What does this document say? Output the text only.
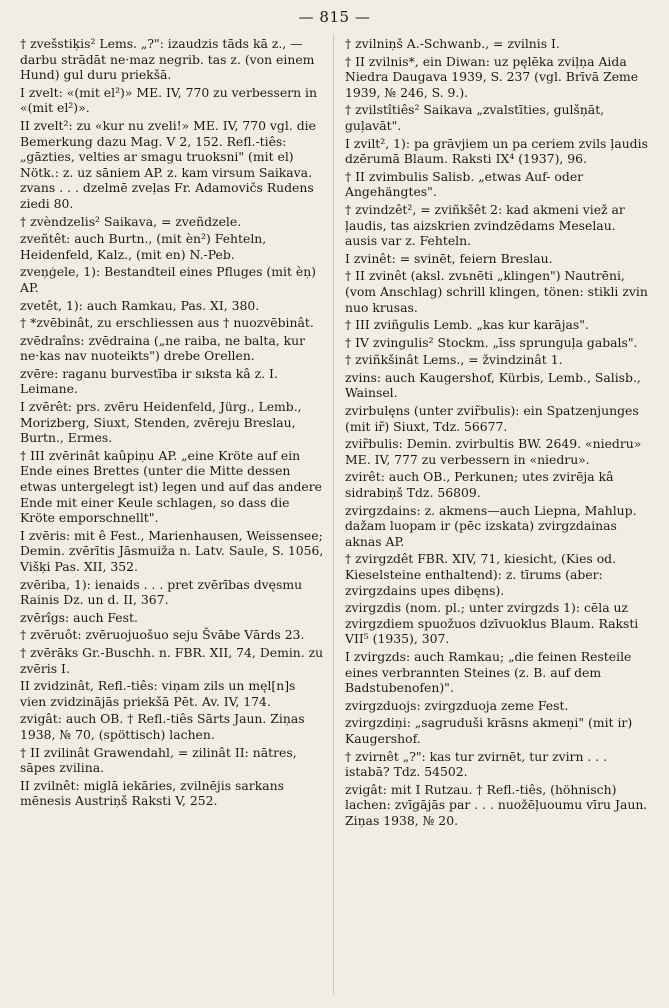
— 815 —

† zvešstiķis² Lems. „?": izaudzis tāds kā z., — darbu strādāt ne·maz negrib. tas z. (von einem Hund) gul duru priekšā.

I zvelt: «(mit el²)» ME. IV, 770 zu verbessern in «(mit el²)».

II zvelt²: zu «kur nu zveli!» ME. IV, 770 vgl. die Bemerkung dazu Mag. V 2, 152. Refl.-tiês: „gāzties, velties ar smagu truoksni" (mit el) Nötk.: z. uz sāniem AP. z. kam virsum Saikava. zvans . . . dzelmē zveļas Fr. Adamovičs Rudens ziedi 80.

† zvèndzelis² Saikava, = zveñdzele.

zveñtêt: auch Burtn., (mit èn²) Fehteln, Heidenfeld, Kalz., (mit en) N.-Peb.

zveņģele, 1): Bestandteil eines Pfluges (mit èņ) AP.

zvetêt, 1): auch Ramkau, Pas. XI, 380.

† *zvēbinât, zu erschliessen aus † nuozvēbinât.

zvēdraîns: zvēdraina („ne raiba, ne balta, kur ne·kas nav nuoteikts") drebe Orellen.

zvēre: raganu burvestība ir sıksta kâ z. I. Leimane.

I zvērêt: prs. zvēru Heidenfeld, Jürg., Lemb., Morizberg, Siuxt, Stenden, zvēreju Breslau, Burtn., Ermes.

† III zvērinât kaûpiņu AP. „eine Kröte auf ein Ende eines Brettes (unter die Mitte dessen etwas untergelegt ist) legen und auf das andere Ende mit einer Keule schlagen, so dass die Kröte emporschnellt".

I zvēris: mit ê Fest., Marienhausen, Weissensee; Demin. zvērītis Jāsmuiža n. Latv. Saule, S. 1056, Višķi Pas. XII, 352.

zvēriba, 1): ienaids . . . pret zvērības dvęsmu Rainis Dz. un d. II, 367.

zvērîgs: auch Fest.

† zvēruôt: zvēruojuošuo seju Švābe Vārds 23.

† zvērāks Gr.-Buschh. n. FBR. XII, 74, Demin. zu zvēris I.

II zvidzinât, Refl.-tiês: viņam zils un męl[n]s vien zvidzinājās priekšā Pēt. Av. IV, 174.

zvigât: auch OB. † Refl.-tiês Sārts Jaun. Ziņas 1938, № 70, (spöttisch) lachen.

† II zvilinât Grawendahl, = zilinât II: nātres, sāpes zvilina.

II zvilnêt: miglā iekāries, zvilnējis sarkans mēnesis Austriņš Raksti V, 252.

† zvilniņš A.-Schwanb., = zvilnis I.

† II zvilnis*, ein Diwan: uz pęlēka zviļņa Aida Niedra Daugava 1939, S. 237 (vgl. Brīvā Zeme 1939, № 246, S. 9.).

† zvilstîtiês² Saikava „zvalstīties, gulšņāt, guļavāt".

I zvilt², 1): pa grāvjiem un pa ceriem zvils ļaudis dzērumā Blaum. Raksti IX⁴ (1937), 96.

† II zvimbulis Salisb. „etwas Auf- oder Angehängtes".

† zvindzêt², = zviñkšêt 2: kad akmeni viež ar ļaudis, tas aizskrien zvindzēdams Meselau. ausis var z. Fehteln.

I zvinêt: = svinēt, feiern Breslau.

† II zvinêt (aksl. zvьnēti „klingen") Nautrēni, (vom Anschlag) schrill klingen, tönen: stikli zvin nuo krusas.

† III zviñgulis Lemb. „kas kur karājas".

† IV zvingulis² Stockm. „īss sprunguļa gabals".

† zviñkšinât Lems., = žvindzinât 1.

zvins: auch Kaugershof, Kürbis, Lemb., Salisb., Wainsel.

zvirbulęns (unter zvir̃bulis): ein Spatzenjunges (mit ir̃) Siuxt, Tdz. 56677.

zvir̃bulis: Demin. zvirbultis BW. 2649. «niedru» ME. IV, 777 zu verbessern in «niedru».

zvirêt: auch OB., Perkunen; utes zvirēja kâ sidrabiņš Tdz. 56809.

zvirgzdains: z. akmens—auch Liepna, Mahlup. dažam luopam ir (pēc izskata) zvirgzdainas aknas AP.

† zvirgzdêt FBR. XIV, 71, kiesicht, (Kies od. Kieselsteine enthaltend): z. tīrums (aber: zvirgzdains upes dibęns).

zvirgzdis (nom. pl.; unter zvirgzds 1): cēla uz zvirgzdiem spuožuos dzīvuoklus Blaum. Raksti VII⁵ (1935), 307.

I zvirgzds: auch Ramkau; „die feinen Resteile eines verbrannten Steines (z. B. auf dem Badstubenofen)".

zvirgzduojs: zvirgzduoja zeme Fest.

zvirgzdiņi: „sagruduši krāsns akmeņi" (mit ir) Kaugershof.

† zvirnêt „?": kas tur zvirnēt, tur zvirn . . . istabā? Tdz. 54502.

zvigât: mit I Rutzau. † Refl.-tiês, (höhnisch) lachen: zvīgājās par . . . nuožēļuoumu vīru Jaun. Ziņas 1938, № 20.
